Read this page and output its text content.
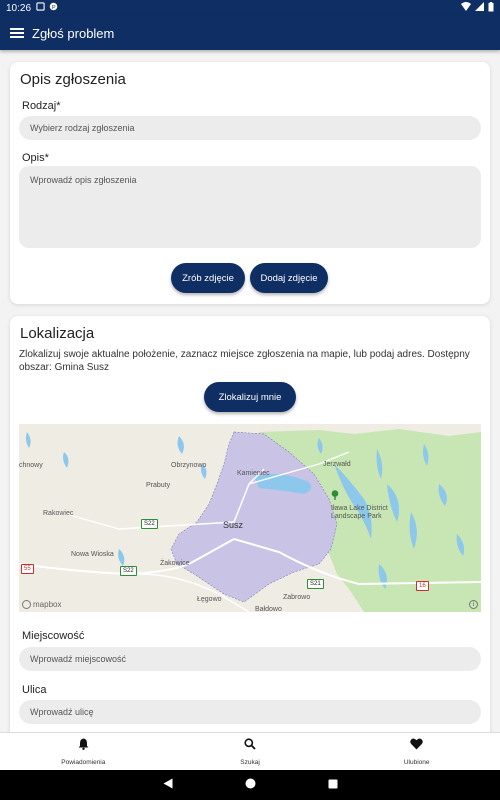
10:26	P
Zgłoś problem
Opis zgłoszenia
Rodzaj*
Wybierz rodzaj zgłoszenia
Opis*
Wprowadź opis zgłoszenia
Zrób zdjęcie	Dodaj zdjęcie
Lokalizacja
Zlokalizuj swoje aktualne położenie, zaznacz miejsce zgłoszenia na mapie, lub podaj adres. Dostępny obszar: Gmina Susz
Zlokalizuj mnie
chnowy	Obrzynowo
Prabuty
Kamieniec
Jerzwałd
Iława Lake District Landscape Park
Rakowiec
Susz
Nowa Wioska
Żakowice
Łęgowo	Zabrowo
Bałdowo
S22
S22
S21	16
55
mapbox	i
Miejscowość
Wprowadź miejscowość
Ulica
Wprowadź ulicę
Powiadomienia	Szukaj	Ulubione
